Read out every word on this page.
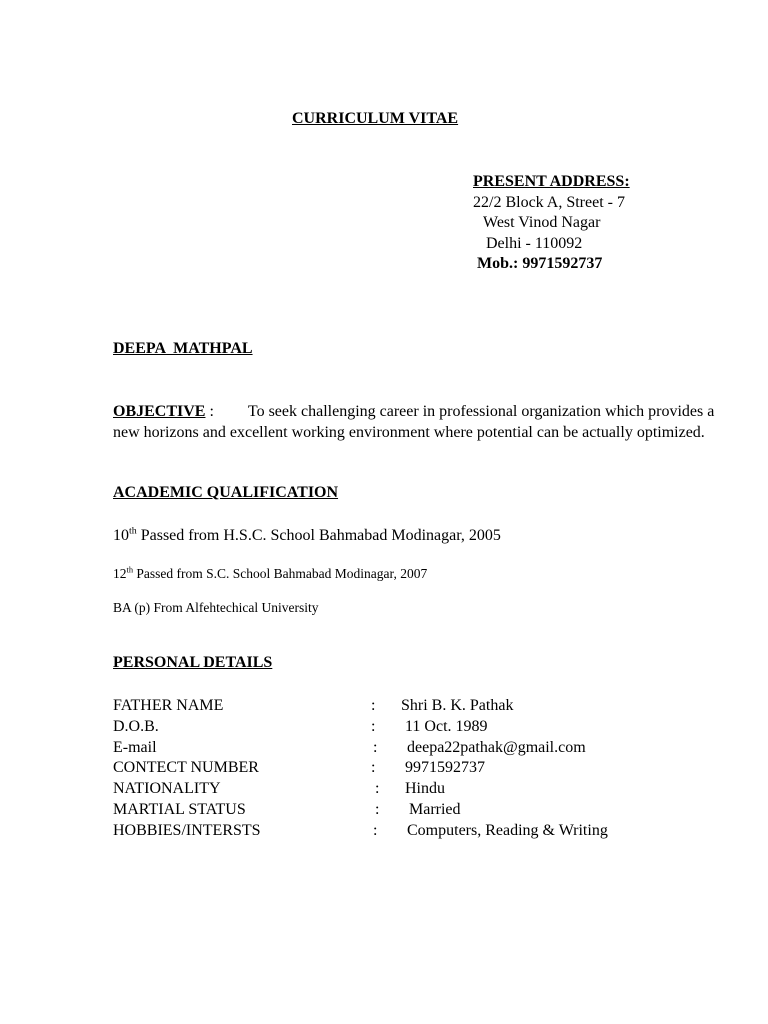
CURRICULUM VITAE
PRESENT ADDRESS:
22/2 Block A, Street - 7
West Vinod Nagar
Delhi - 110092
Mob.: 9971592737
DEEPA MATHPAL
OBJECTIVE : To seek challenging career in professional organization which provides a new horizons and excellent working environment where potential can be actually optimized.
ACADEMIC QUALIFICATION
10th Passed from H.S.C. School Bahmabad Modinagar, 2005
12th Passed from S.C. School Bahmabad Modinagar, 2007
BA (p) From Alfehtechical University
PERSONAL DETAILS
FATHER NAME	:	Shri B. K. Pathak
D.O.B.	:	11 Oct. 1989
E-mail	:	deepa22pathak@gmail.com
CONTECT NUMBER	:	9971592737
NATIONALITY	:	Hindu
MARTIAL STATUS	:	Married
HOBBIES/INTERSTS	:	Computers, Reading & Writing
